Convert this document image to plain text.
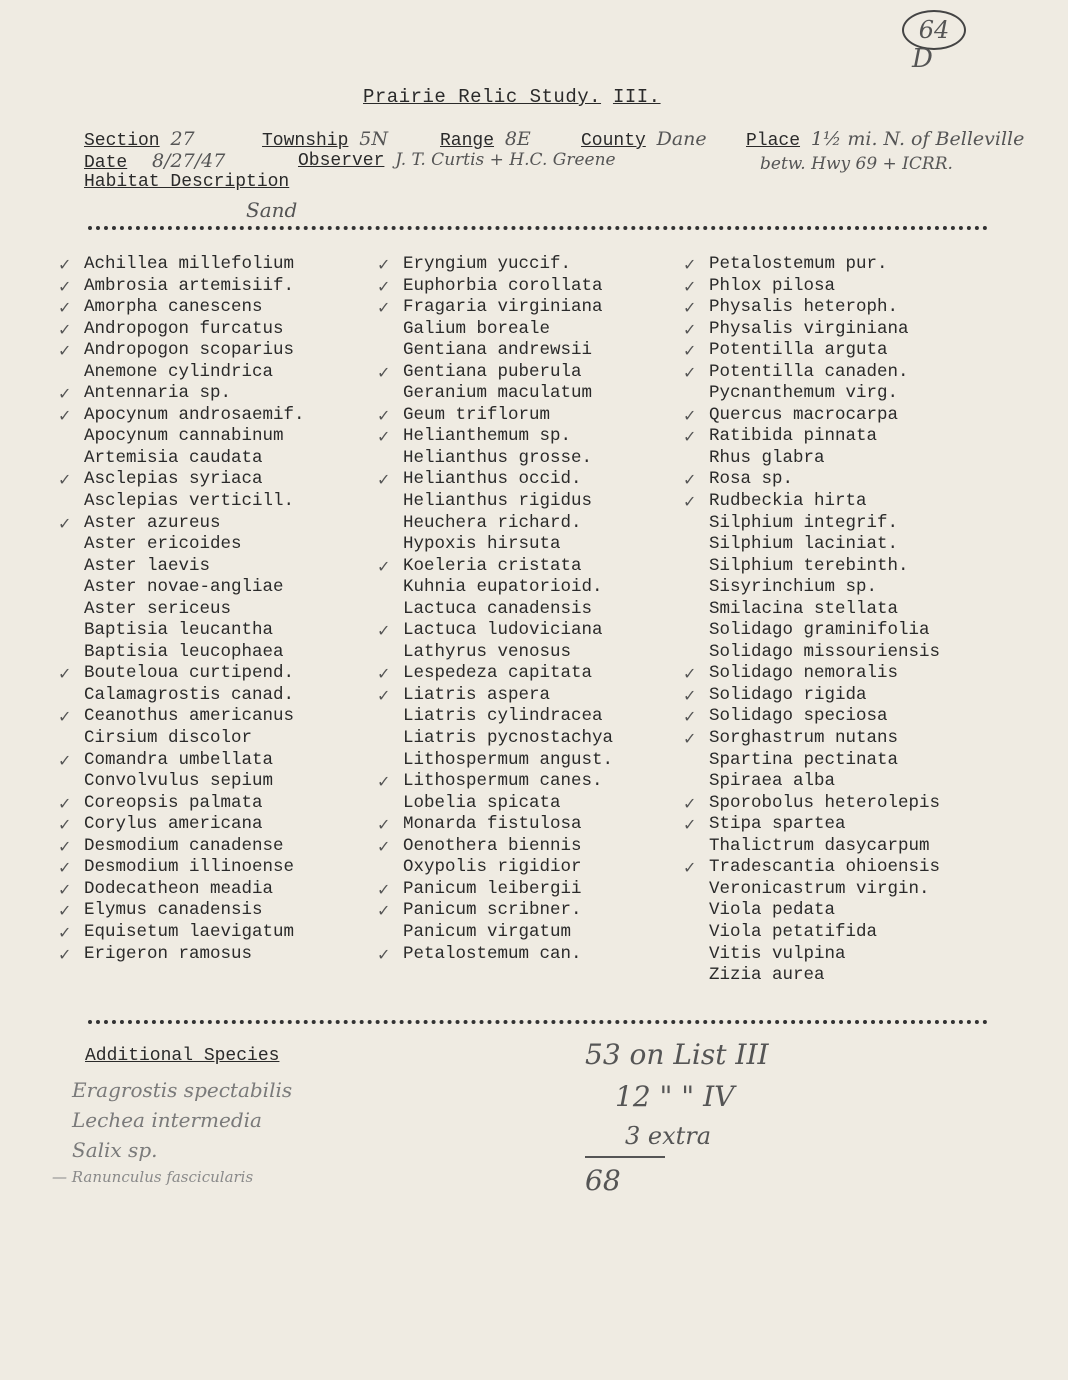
64
D
Prairie Relic Study. III.
Section 27	Township 5N	Range 8E	County Dane Place 1½ mi. N. of Belleville
Date 8/27/47	Observer J. T. Curtis + H.C. Greene	betw. Hwy 69 + ICRR.
Habitat Description
Sand
✓ Achillea millefolium
✓ Ambrosia artemisiif.
✓ Amorpha canescens
✓ Andropogon furcatus
✓ Andropogon scoparius
Anemone cylindrica
✓ Antennaria sp.
✓ Apocynum androsaemif.
Apocynum cannabinum
Artemisia caudata
✓ Asclepias syriaca
Asclepias verticill.
✓ Aster azureus
Aster ericoides
Aster laevis
Aster novae-angliae
Aster sericeus
Baptisia leucantha
Baptisia leucophaea
✓ Bouteloua curtipend.
Calamagrostis canad.
✓ Ceanothus americanus
Cirsium discolor
✓ Comandra umbellata
Convolvulus sepium
✓ Coreopsis palmata
✓ Corylus americana
✓ Desmodium canadense
✓ Desmodium illinoense
✓ Dodecatheon meadia
✓ Elymus canadensis
✓ Equisetum laevigatum
✓ Erigeron ramosus
✓ Eryngium yuccif.
✓ Euphorbia corollata
✓ Fragaria virginiana
Galium boreale
Gentiana andrewsii
✓ Gentiana puberula
Geranium maculatum
✓ Geum triflorum
✓ Helianthemum sp.
Helianthus grosse.
✓ Helianthus occid.
Helianthus rigidus
Heuchera richard.
Hypoxis hirsuta
✓ Koeleria cristata
Kuhnia eupatorioid.
Lactuca canadensis
✓ Lactuca ludoviciana
Lathyrus venosus
✓ Lespedeza capitata
✓ Liatris aspera
Liatris cylindracea
Liatris pycnostachya
Lithospermum angust.
✓ Lithospermum canes.
Lobelia spicata
✓ Monarda fistulosa
✓ Oenothera biennis
Oxypolis rigidior
✓ Panicum leibergii
✓ Panicum scribner.
Panicum virgatum
✓ Petalostemum can.
✓ Petalostemum pur.
✓ Phlox pilosa
✓ Physalis heteroph.
✓ Physalis virginiana
✓ Potentilla arguta
✓ Potentilla canaden.
Pycnanthemum virg.
✓ Quercus macrocarpa
✓ Ratibida pinnata
Rhus glabra
✓ Rosa sp.
✓ Rudbeckia hirta
Silphium integrif.
Silphium laciniat.
Silphium terebinth.
Sisyrinchium sp.
Smilacina stellata
Solidago graminifolia
Solidago missouriensis
✓ Solidago nemoralis
✓ Solidago rigida
✓ Solidago speciosa
✓ Sorghastrum nutans
Spartina pectinata
Spiraea alba
✓ Sporobolus heterolepis
✓ Stipa spartea
Thalictrum dasycarpum
✓ Tradescantia ohioensis
Veronicastrum virgin.
Viola pedata
Viola petatifida
Vitis vulpina
Zizia aurea
Additional Species
Eragrostis spectabilis
Lechea intermedia
Salix sp.
— Ranunculus fascicularis
53 on List III
12 " " IV
3 extra
68
